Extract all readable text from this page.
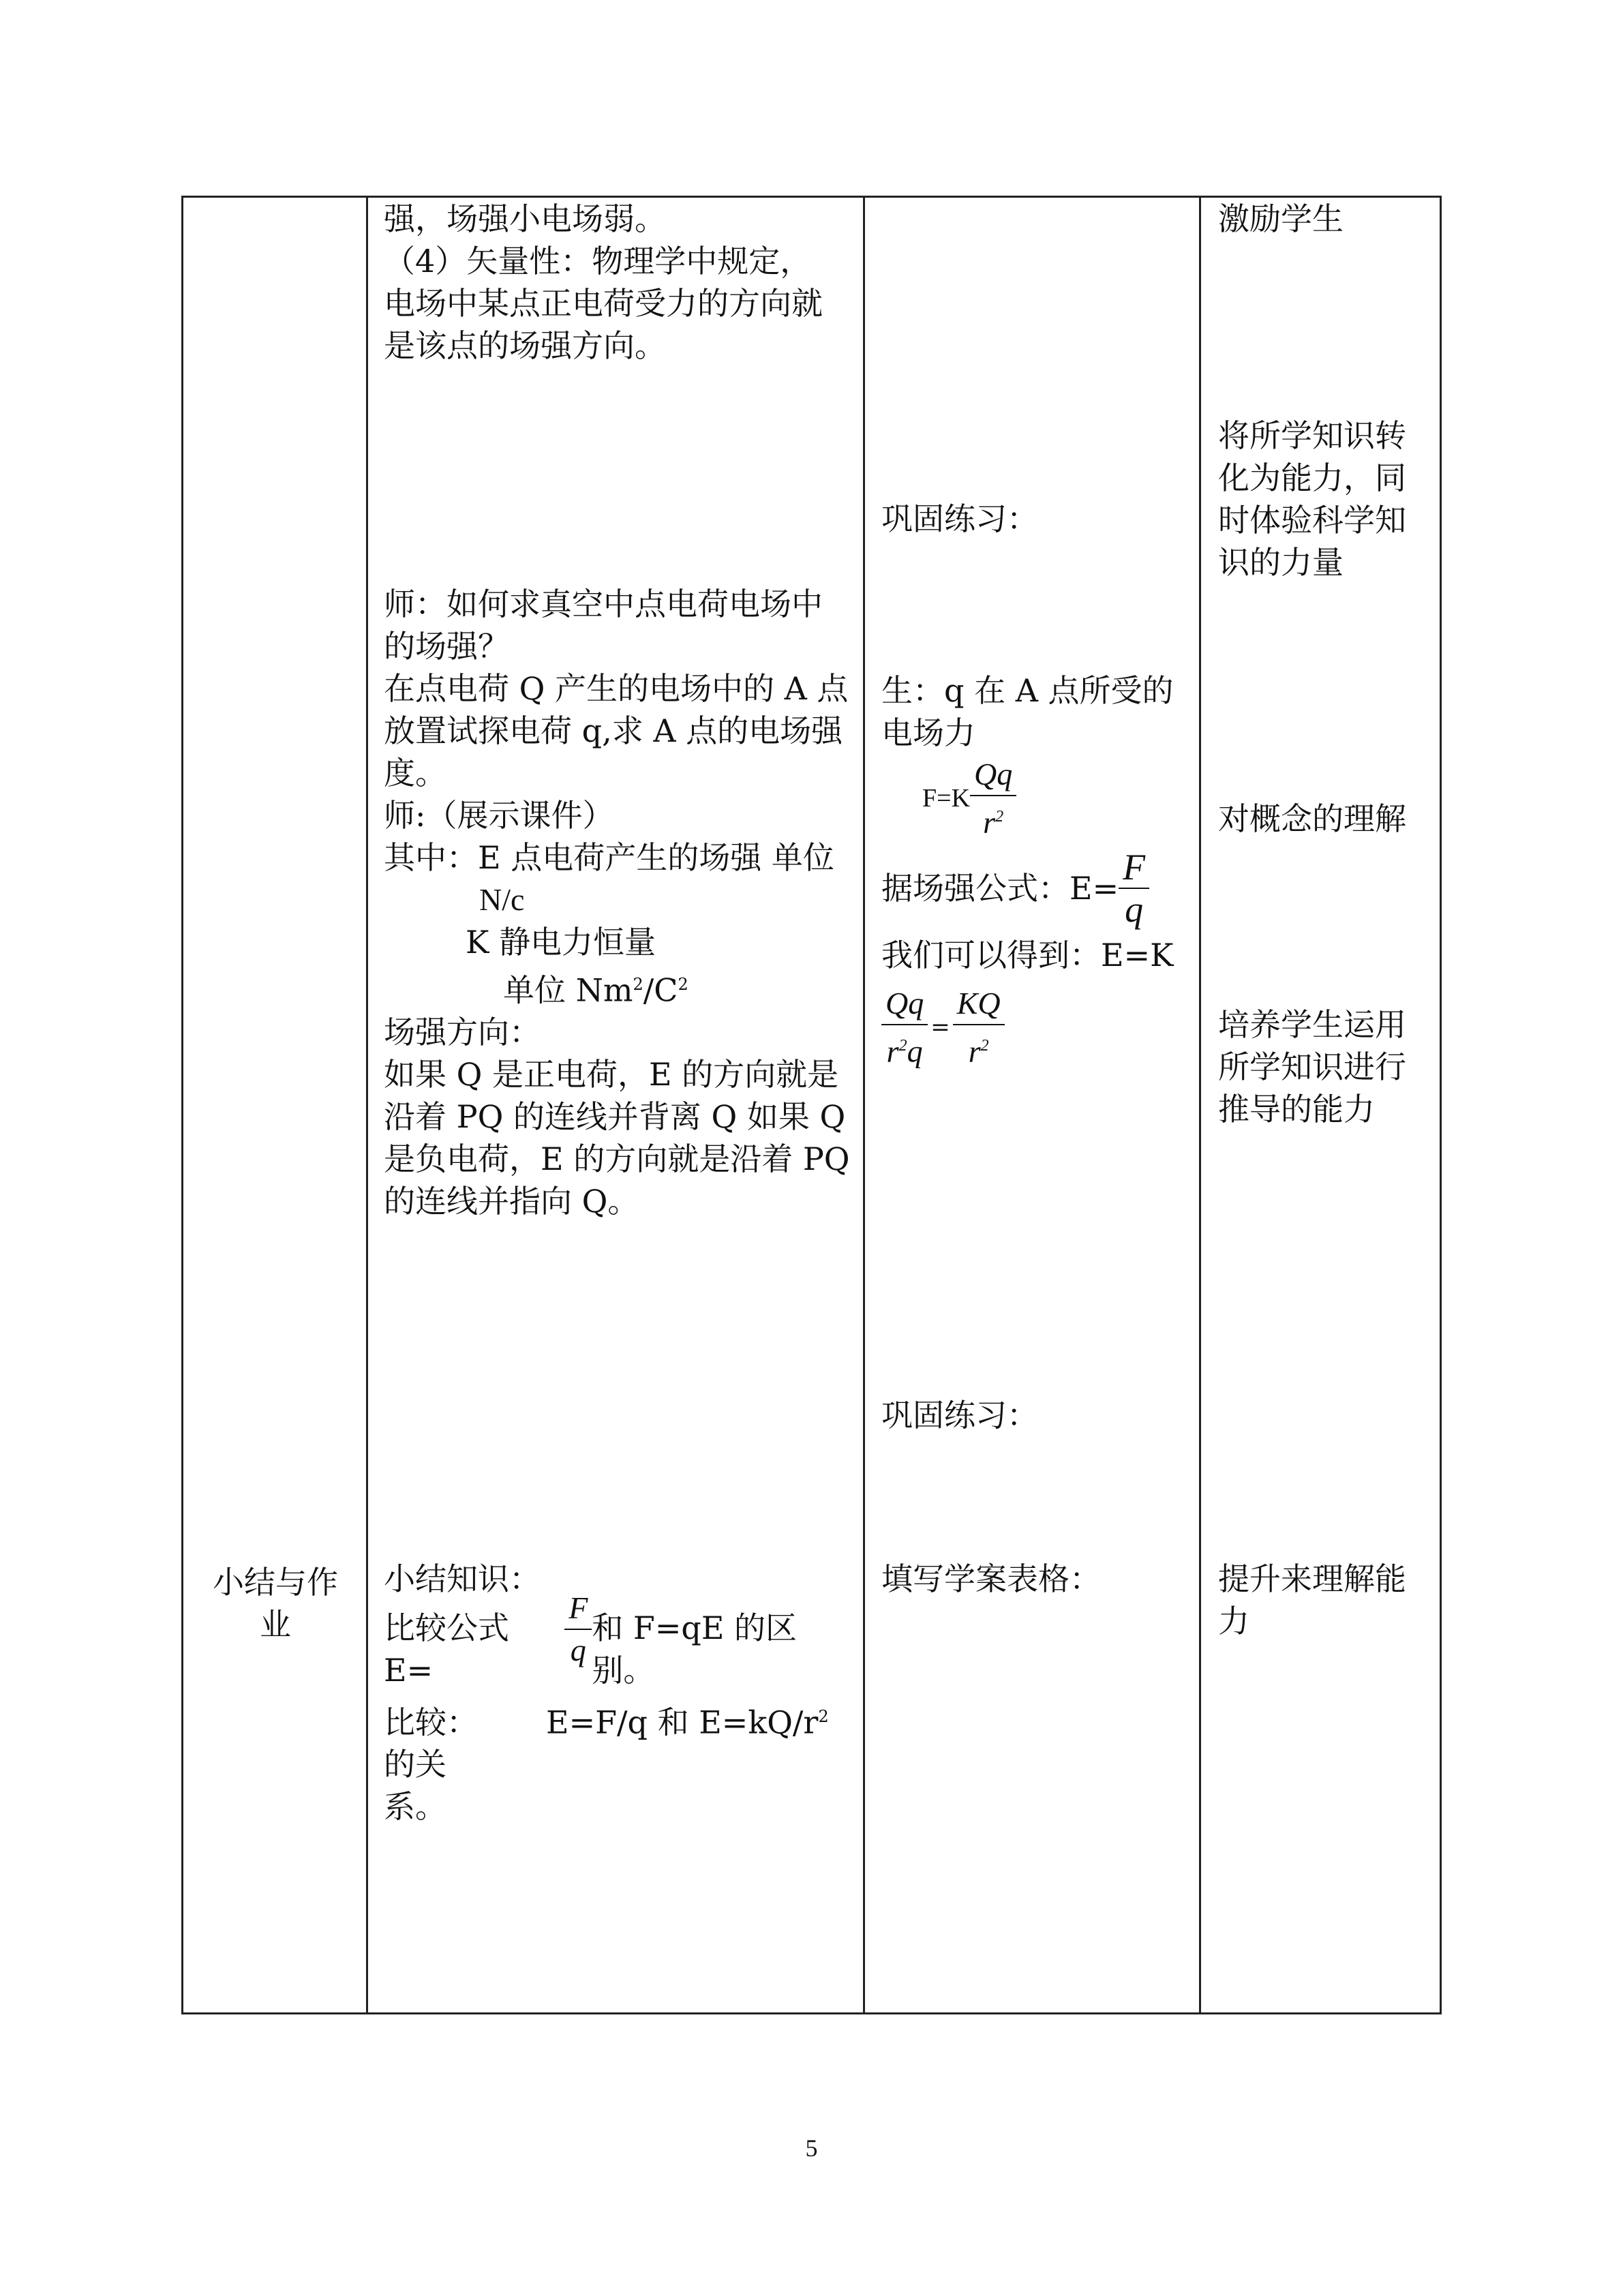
小结与作业
强，场强小电场弱。
（4）矢量性：物理学中规定，
电场中某点正电荷受力的方向就
是该点的场强方向。
师：如何求真空中点电荷电场中
的场强？
在点电荷 Q 产生的电场中的 A 点
放置试探电荷 q,求 A 点的电场强
度。
师:（展示课件）
其中：E 点电荷产生的场强 单位
N/c
K 静电力恒量
单位 $Nm^2/C^2$
场强方向：
如果 Q 是正电荷，E 的方向就是
沿着 PQ 的连线并背离 Q 如果 Q
是负电荷，E 的方向就是沿着 PQ
的连线并指向 Q。
小结知识：
比较公式 E=	$\frac{F}{q}$ 和 F=qE 的区别。
比较： E=F/q 和 $E=kQ/r^2$的关
系。
巩固练习：
生：q 在 A 点所受的
电场力
$F=K \frac{Qq}{r^2}$
据场强公式：$E= \frac{F}{q}$
我们可以得到：E=K
$\frac{Qq}{r^2q} = \frac{KQ}{r^2}$
巩固练习：
填写学案表格：
激励学生
将所学知识转
化为能力，同
时体验科学知
识的力量
对概念的理解
培养学生运用
所学知识进行
推导的能力
提升来理解能
力
5
